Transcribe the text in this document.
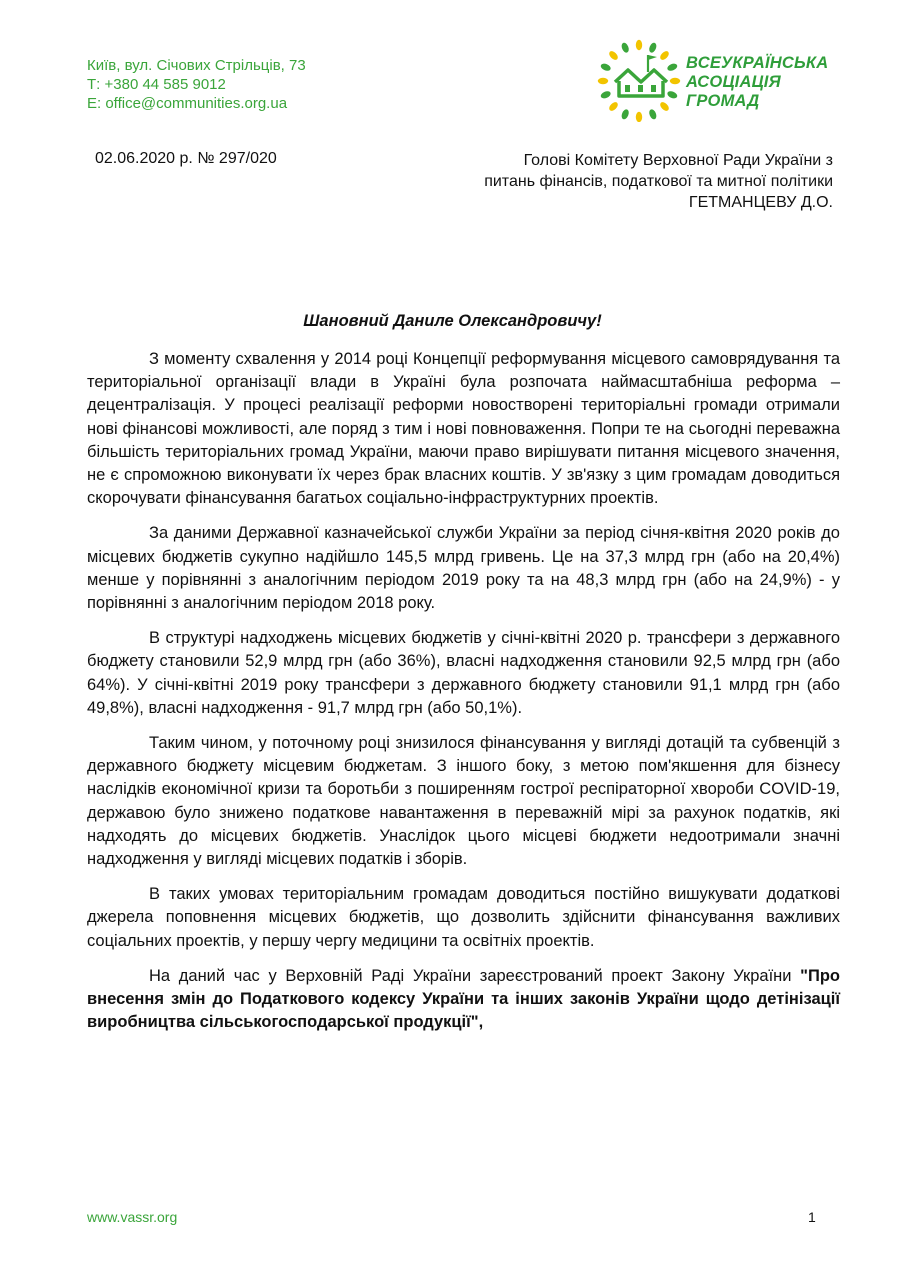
Київ, вул. Січових Стрільців, 73
Т: +380 44 585 9012
E: office@communities.org.ua
ВСЕУКРАЇНСЬКА
АСОЦІАЦІЯ
ГРОМАД
02.06.2020 р. № 297/020	Голові Комітету Верховної Ради України з
питань фінансів, податкової та митної політики
ГЕТМАНЦЕВУ Д.О.
Шановний Даниле Олександровичу!

З моменту схвалення у 2014 році Концепції реформування місцевого самоврядування та територіальної організації влади в Україні була розпочата наймасштабніша реформа – децентралізація. У процесі реалізації реформи новостворені територіальні громади отримали нові фінансові можливості, але поряд з тим і нові повноваження. Попри те на сьогодні переважна більшість територіальних громад України, маючи право вирішувати питання місцевого значення, не є спроможною виконувати їх через брак власних коштів. У зв'язку з цим громадам доводиться скорочувати фінансування багатьох соціально-інфраструктурних проектів.

За даними Державної казначейської служби України за період січня-квітня 2020 років до місцевих бюджетів сукупно надійшло 145,5 млрд гривень. Це на 37,3 млрд грн (або на 20,4%) менше у порівнянні з аналогічним періодом 2019 року та на 48,3 млрд грн (або на 24,9%) - у порівнянні з аналогічним періодом 2018 року.

В структурі надходжень місцевих бюджетів у січні-квітні 2020 р. трансфери з державного бюджету становили 52,9 млрд грн (або 36%), власні надходження становили 92,5 млрд грн (або 64%). У січні-квітні 2019 року трансфери з державного бюджету становили 91,1 млрд грн (або 49,8%), власні надходження - 91,7 млрд грн (або 50,1%).

Таким чином, у поточному році знизилося фінансування у вигляді дотацій та субвенцій з державного бюджету місцевим бюджетам. З іншого боку, з метою пом'якшення для бізнесу наслідків економічної кризи та боротьби з поширенням гострої респіраторної хвороби COVID-19, державою було знижено податкове навантаження в переважній мірі за рахунок податків, які надходять до місцевих бюджетів. Унаслідок цього місцеві бюджети недоотримали значні надходження у вигляді місцевих податків і зборів.

В таких умовах територіальним громадам доводиться постійно вишукувати додаткові джерела поповнення місцевих бюджетів, що дозволить здійснити фінансування важливих соціальних проектів, у першу чергу медицини та освітніх проектів.

На даний час у Верховній Раді України зареєстрований проект Закону України "Про внесення змін до Податкового кодексу України та інших законів України щодо детінізації виробництва сільськогосподарської продукції",

www.vassr.org	1
